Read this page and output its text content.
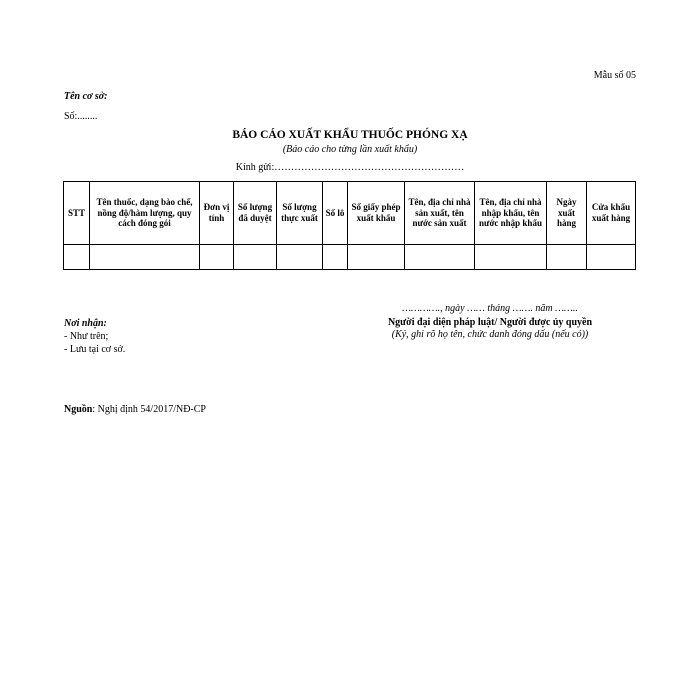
Mẫu số 05
Tên cơ sở:
Số:........
BÁO CÁO XUẤT KHẨU THUỐC PHÓNG XẠ
(Báo cáo cho từng lần xuất khẩu)
Kính gửi:…………………………………………………
STT	Tên thuốc, dạng bào chế, nồng độ/hàm lượng, quy cách đóng gói	Đơn vị tính	Số lượng đã duyệt	Số lượng thực xuất	Số lô	Số giấy phép xuất khẩu	Tên, địa chỉ nhà sản xuất, tên nước sản xuất	Tên, địa chỉ nhà nhập khẩu, tên nước nhập khẩu	Ngày xuất hàng	Cửa khẩu xuất hàng

…………., ngày …… tháng ……. năm ……..
Người đại diện pháp luật/ Người được ủy quyền
(Ký, ghi rõ họ tên, chức danh đóng dấu (nếu có))
Nơi nhận:
- Như trên;
- Lưu tại cơ sở.
Nguồn: Nghị định 54/2017/NĐ-CP
